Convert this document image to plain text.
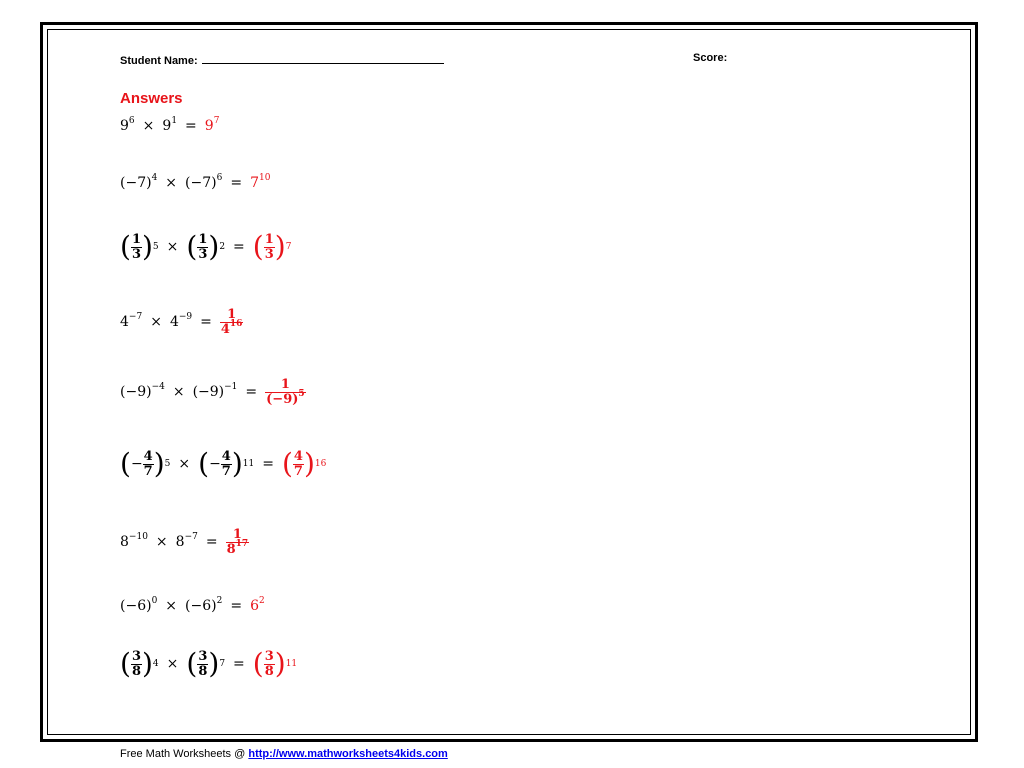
Student Name:	Score:
Answers
$9^6 \times 9^1 = 9^7$
$(-7)^4 \times (-7)^6 = 7^{10}$
( $\frac{1}{3}$ ) 5 × ( $\frac{1}{3}$ ) 2 = ( $\frac{1}{3}$ ) 7
$4^{-7} \times 4^{-9} = \frac{1}{4^{16}}$
$(-9)^{-4} \times (-9)^{-1} = \frac{1}{(-9)^5}$
( − $\frac{4}{7}$ ) 5 × ( − $\frac{4}{7}$ ) 11 = ( $\frac{4}{7}$ ) 16
$8^{-10} \times 8^{-7} = \frac{1}{8^{17}}$
$(-6)^0 \times (-6)^2 = 6^2$
( $\frac{3}{8}$ ) 4 × ( $\frac{3}{8}$ ) 7 = ( $\frac{3}{8}$ ) 11
Free Math Worksheets @ http://www.mathworksheets4kids.com
